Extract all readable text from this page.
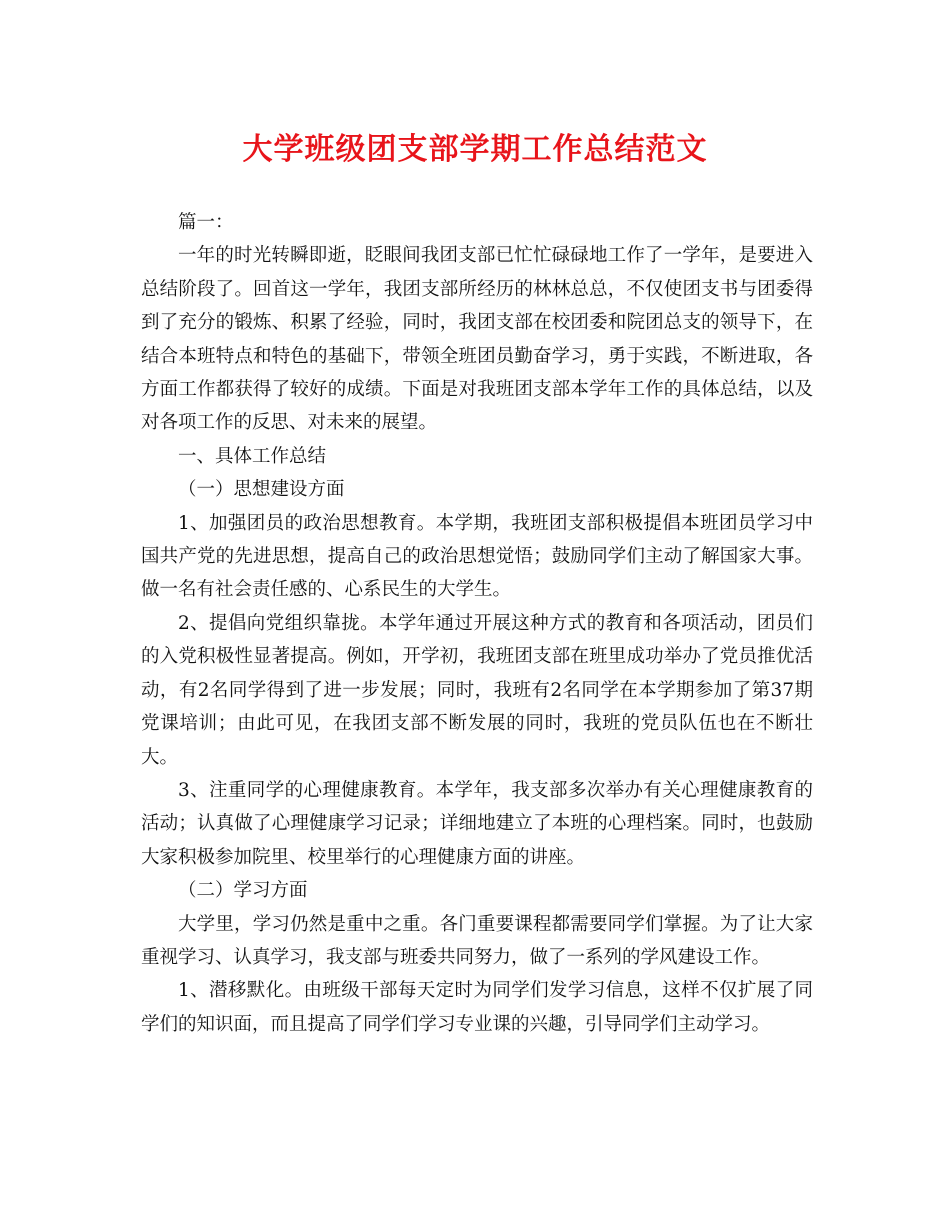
大学班级团支部学期工作总结范文

篇一：

一年的时光转瞬即逝，眨眼间我团支部已忙忙碌碌地工作了一学年，是要进入总结阶段了。回首这一学年，我团支部所经历的林林总总，不仅使团支书与团委得到了充分的锻炼、积累了经验，同时，我团支部在校团委和院团总支的领导下，在结合本班特点和特色的基础下，带领全班团员勤奋学习，勇于实践，不断进取，各方面工作都获得了较好的成绩。下面是对我班团支部本学年工作的具体总结，以及对各项工作的反思、对未来的展望。

一、具体工作总结

（一）思想建设方面

1、加强团员的政治思想教育。本学期，我班团支部积极提倡本班团员学习中国共产党的先进思想，提高自己的政治思想觉悟；鼓励同学们主动了解国家大事。做一名有社会责任感的、心系民生的大学生。

2、提倡向党组织靠拢。本学年通过开展这种方式的教育和各项活动，团员们的入党积极性显著提高。例如，开学初，我班团支部在班里成功举办了党员推优活动，有2名同学得到了进一步发展；同时，我班有2名同学在本学期参加了第37期党课培训；由此可见，在我团支部不断发展的同时，我班的党员队伍也在不断壮大。

3、注重同学的心理健康教育。本学年，我支部多次举办有关心理健康教育的活动；认真做了心理健康学习记录；详细地建立了本班的心理档案。同时，也鼓励大家积极参加院里、校里举行的心理健康方面的讲座。

（二）学习方面

大学里，学习仍然是重中之重。各门重要课程都需要同学们掌握。为了让大家重视学习、认真学习，我支部与班委共同努力，做了一系列的学风建设工作。

1、潜移默化。由班级干部每天定时为同学们发学习信息，这样不仅扩展了同学们的知识面，而且提高了同学们学习专业课的兴趣，引导同学们主动学习。
